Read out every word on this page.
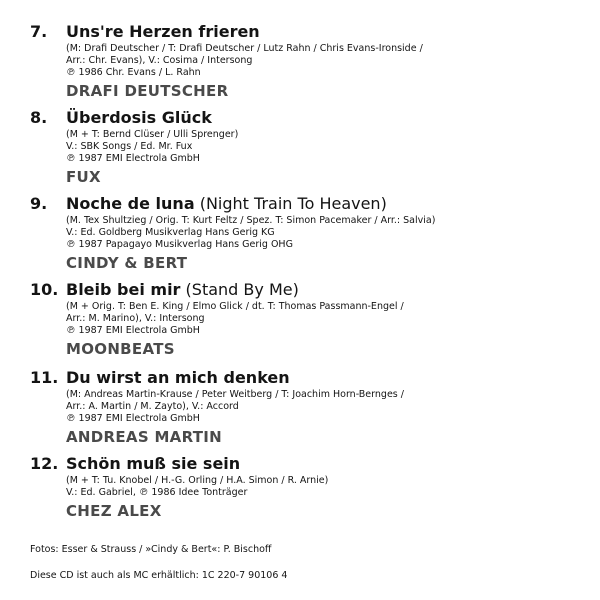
7.	Uns're Herzen frieren
(M: Drafi Deutscher / T: Drafi Deutscher / Lutz Rahn / Chris Evans-Ironside /
Arr.: Chr. Evans), V.: Cosima / Intersong
℗ 1986 Chr. Evans / L. Rahn
DRAFI DEUTSCHER
8.	Überdosis Glück
(M + T: Bernd Clüser / Ulli Sprenger)
V.: SBK Songs / Ed. Mr. Fux
℗ 1987 EMI Electrola GmbH
FUX
9.	Noche de luna (Night Train To Heaven)
(M. Tex Shultzieg / Orig. T: Kurt Feltz / Spez. T: Simon Pacemaker / Arr.: Salvia)
V.: Ed. Goldberg Musikverlag Hans Gerig KG
℗ 1987 Papagayo Musikverlag Hans Gerig OHG
CINDY & BERT
10. Bleib bei mir (Stand By Me)
(M + Orig. T: Ben E. King / Elmo Glick / dt. T: Thomas Passmann-Engel /
Arr.: M. Marino), V.: Intersong
℗ 1987 EMI Electrola GmbH
MOONBEATS
11. Du wirst an mich denken
(M: Andreas Martin-Krause / Peter Weitberg / T: Joachim Horn-Bernges /
Arr.: A. Martin / M. Zayto), V.: Accord
℗ 1987 EMI Electrola GmbH
ANDREAS MARTIN
12. Schön muß sie sein
(M + T: Tu. Knobel / H.-G. Orling / H.A. Simon / R. Arnie)
V.: Ed. Gabriel, ℗ 1986 Idee Tonträger
CHEZ ALEX
Fotos: Esser & Strauss / »Cindy & Bert«: P. Bischoff
Diese CD ist auch als MC erhältlich: 1C 220-7 90106 4
